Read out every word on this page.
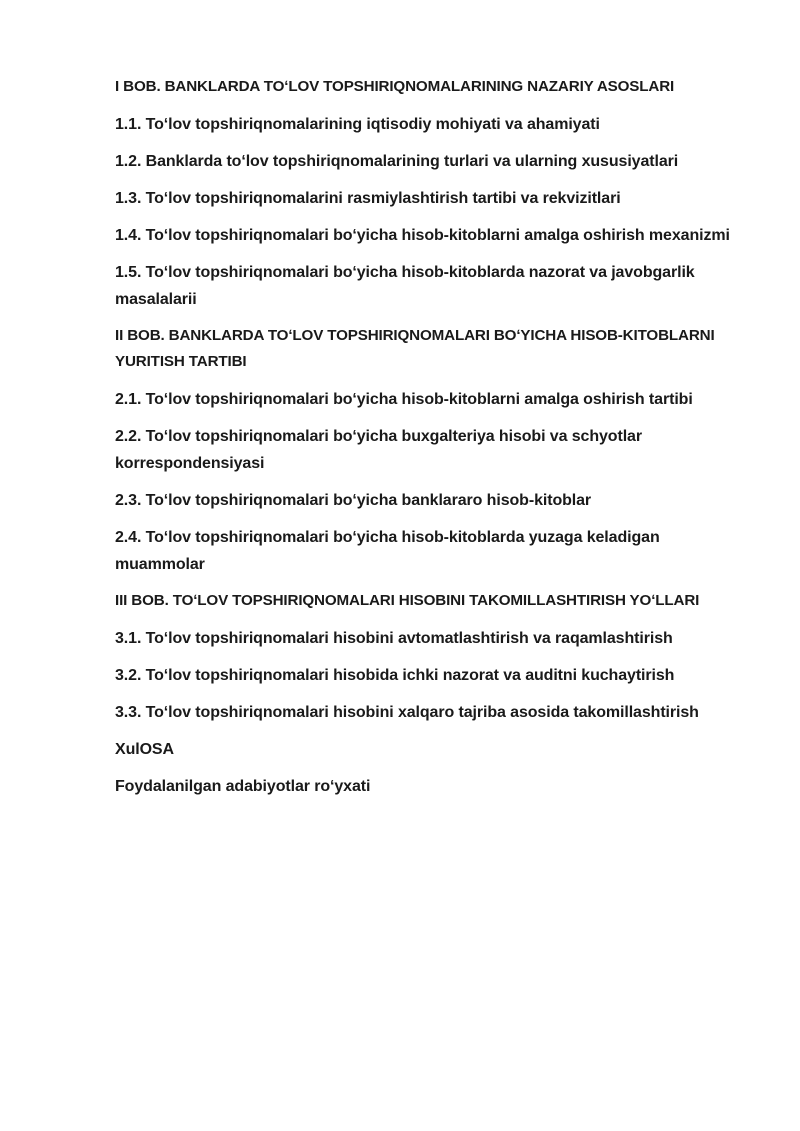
I BOB. BANKLARDA TOʻLOV TOPSHIRIQNOMALARINING NAZARIY ASOSLARI

1.1. Toʻlov topshiriqnomalarining iqtisodiy mohiyati va ahamiyati

1.2. Banklarda toʻlov topshiriqnomalarining turlari va ularning xususiyatlari

1.3. Toʻlov topshiriqnomalarini rasmiylashtirish tartibi va rekvizitlari

1.4. Toʻlov topshiriqnomalari boʻyicha hisob-kitoblarni amalga oshirish mexanizmi

1.5. Toʻlov topshiriqnomalari boʻyicha hisob-kitoblarda nazorat va javobgarlik masalalarii

II BOB. BANKLARDA TOʻLOV TOPSHIRIQNOMALARI BOʻYICHA HISOB-KITOBLARNI YURITISH TARTIBI

2.1. Toʻlov topshiriqnomalari boʻyicha hisob-kitoblarni amalga oshirish tartibi

2.2. Toʻlov topshiriqnomalari boʻyicha buxgalteriya hisobi va schyotlar korrespondensiyasi

2.3. Toʻlov topshiriqnomalari boʻyicha banklararo hisob-kitoblar

2.4. Toʻlov topshiriqnomalari boʻyicha hisob-kitoblarda yuzaga keladigan muammolar

III BOB. TOʻLOV TOPSHIRIQNOMALARI HISOBINI TAKOMILLASHTIRISH YOʻLLARI

3.1. Toʻlov topshiriqnomalari hisobini avtomatlashtirish va raqamlashtirish

3.2. Toʻlov topshiriqnomalari hisobida ichki nazorat va auditni kuchaytirish

3.3. Toʻlov topshiriqnomalari hisobini xalqaro tajriba asosida takomillashtirish

XulOSA

Foydalanilgan adabiyotlar roʻyxati
